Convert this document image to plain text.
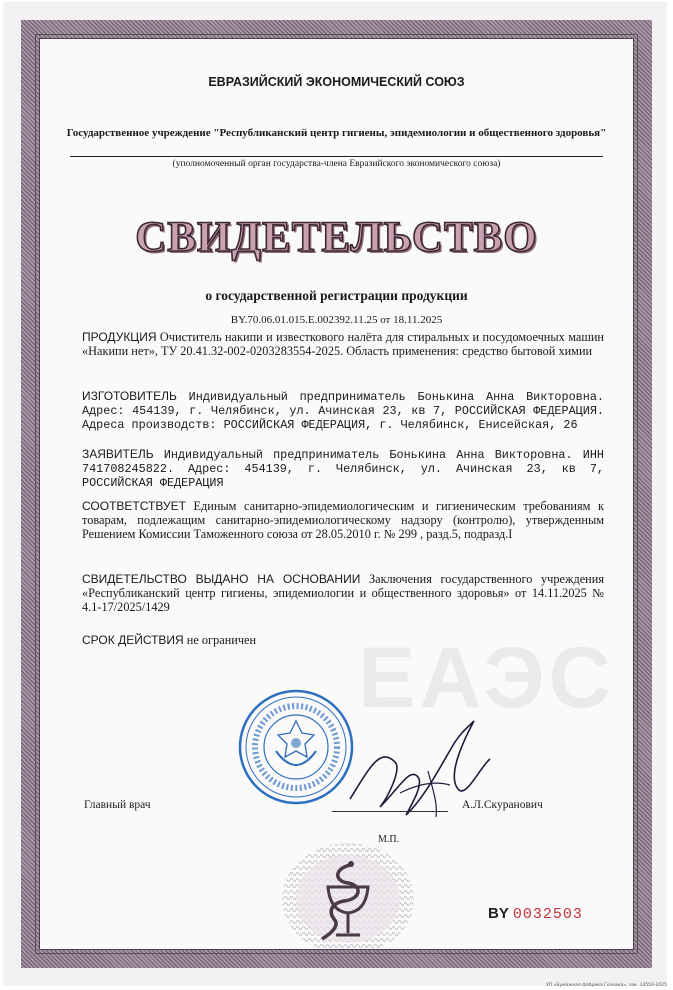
ЕАЭС
ЕВРАЗИЙСКИЙ ЭКОНОМИЧЕСКИЙ СОЮЗ
Государственное учреждение "Республиканский центр гигиены, эпидемиологии и общественного здоровья"
(уполномоченный орган государства-члена Евразийского экономического союза)
СВИДЕТЕЛЬСТВО
о государственной регистрации продукции
BY.70.06.01.015.E.002392.11.25 от 18.11.2025
ПРОДУКЦИЯ Очиститель накипи и известкового налёта для стиральных и посудомоечных машин «Накипи нет», ТУ 20.41.32-002-0203283554-2025. Область применения: средство бытовой химии
ИЗГОТОВИТЕЛЬ Индивидуальный предприниматель Бонькина Анна Викторовна. Адрес: 454139, г. Челябинск, ул. Ачинская 23, кв 7, РОССИЙСКАЯ ФЕДЕРАЦИЯ. Адреса производств: РОССИЙСКАЯ ФЕДЕРАЦИЯ, г. Челябинск, Енисейская, 26
ЗАЯВИТЕЛЬ Индивидуальный предприниматель Бонькина Анна Викторовна. ИНН 741708245822. Адрес: 454139, г. Челябинск, ул. Ачинская 23, кв 7, РОССИЙСКАЯ ФЕДЕРАЦИЯ
СООТВЕТСТВУЕТ Единым санитарно-эпидемиологическим и гигиеническим требованиям к товарам, подлежащим санитарно-эпидемиологическому надзору (контролю), утвержденным Решением Комиссии Таможенного союза от 28.05.2010 г. № 299 , разд.5, подразд.I
СВИДЕТЕЛЬСТВО ВЫДАНО НА ОСНОВАНИИ Заключения государственного учреждения «Республиканский центр гигиены, эпидемиологии и общественного здоровья» от 14.11.2025 № 4.1-17/2025/1429
СРОК ДЕЙСТВИЯ не ограничен
Главный врач	А.Л.Скуранович
М.П.
BY 0032503
УП «Бумажная фабрика Гознака», зак. 14550-2025
